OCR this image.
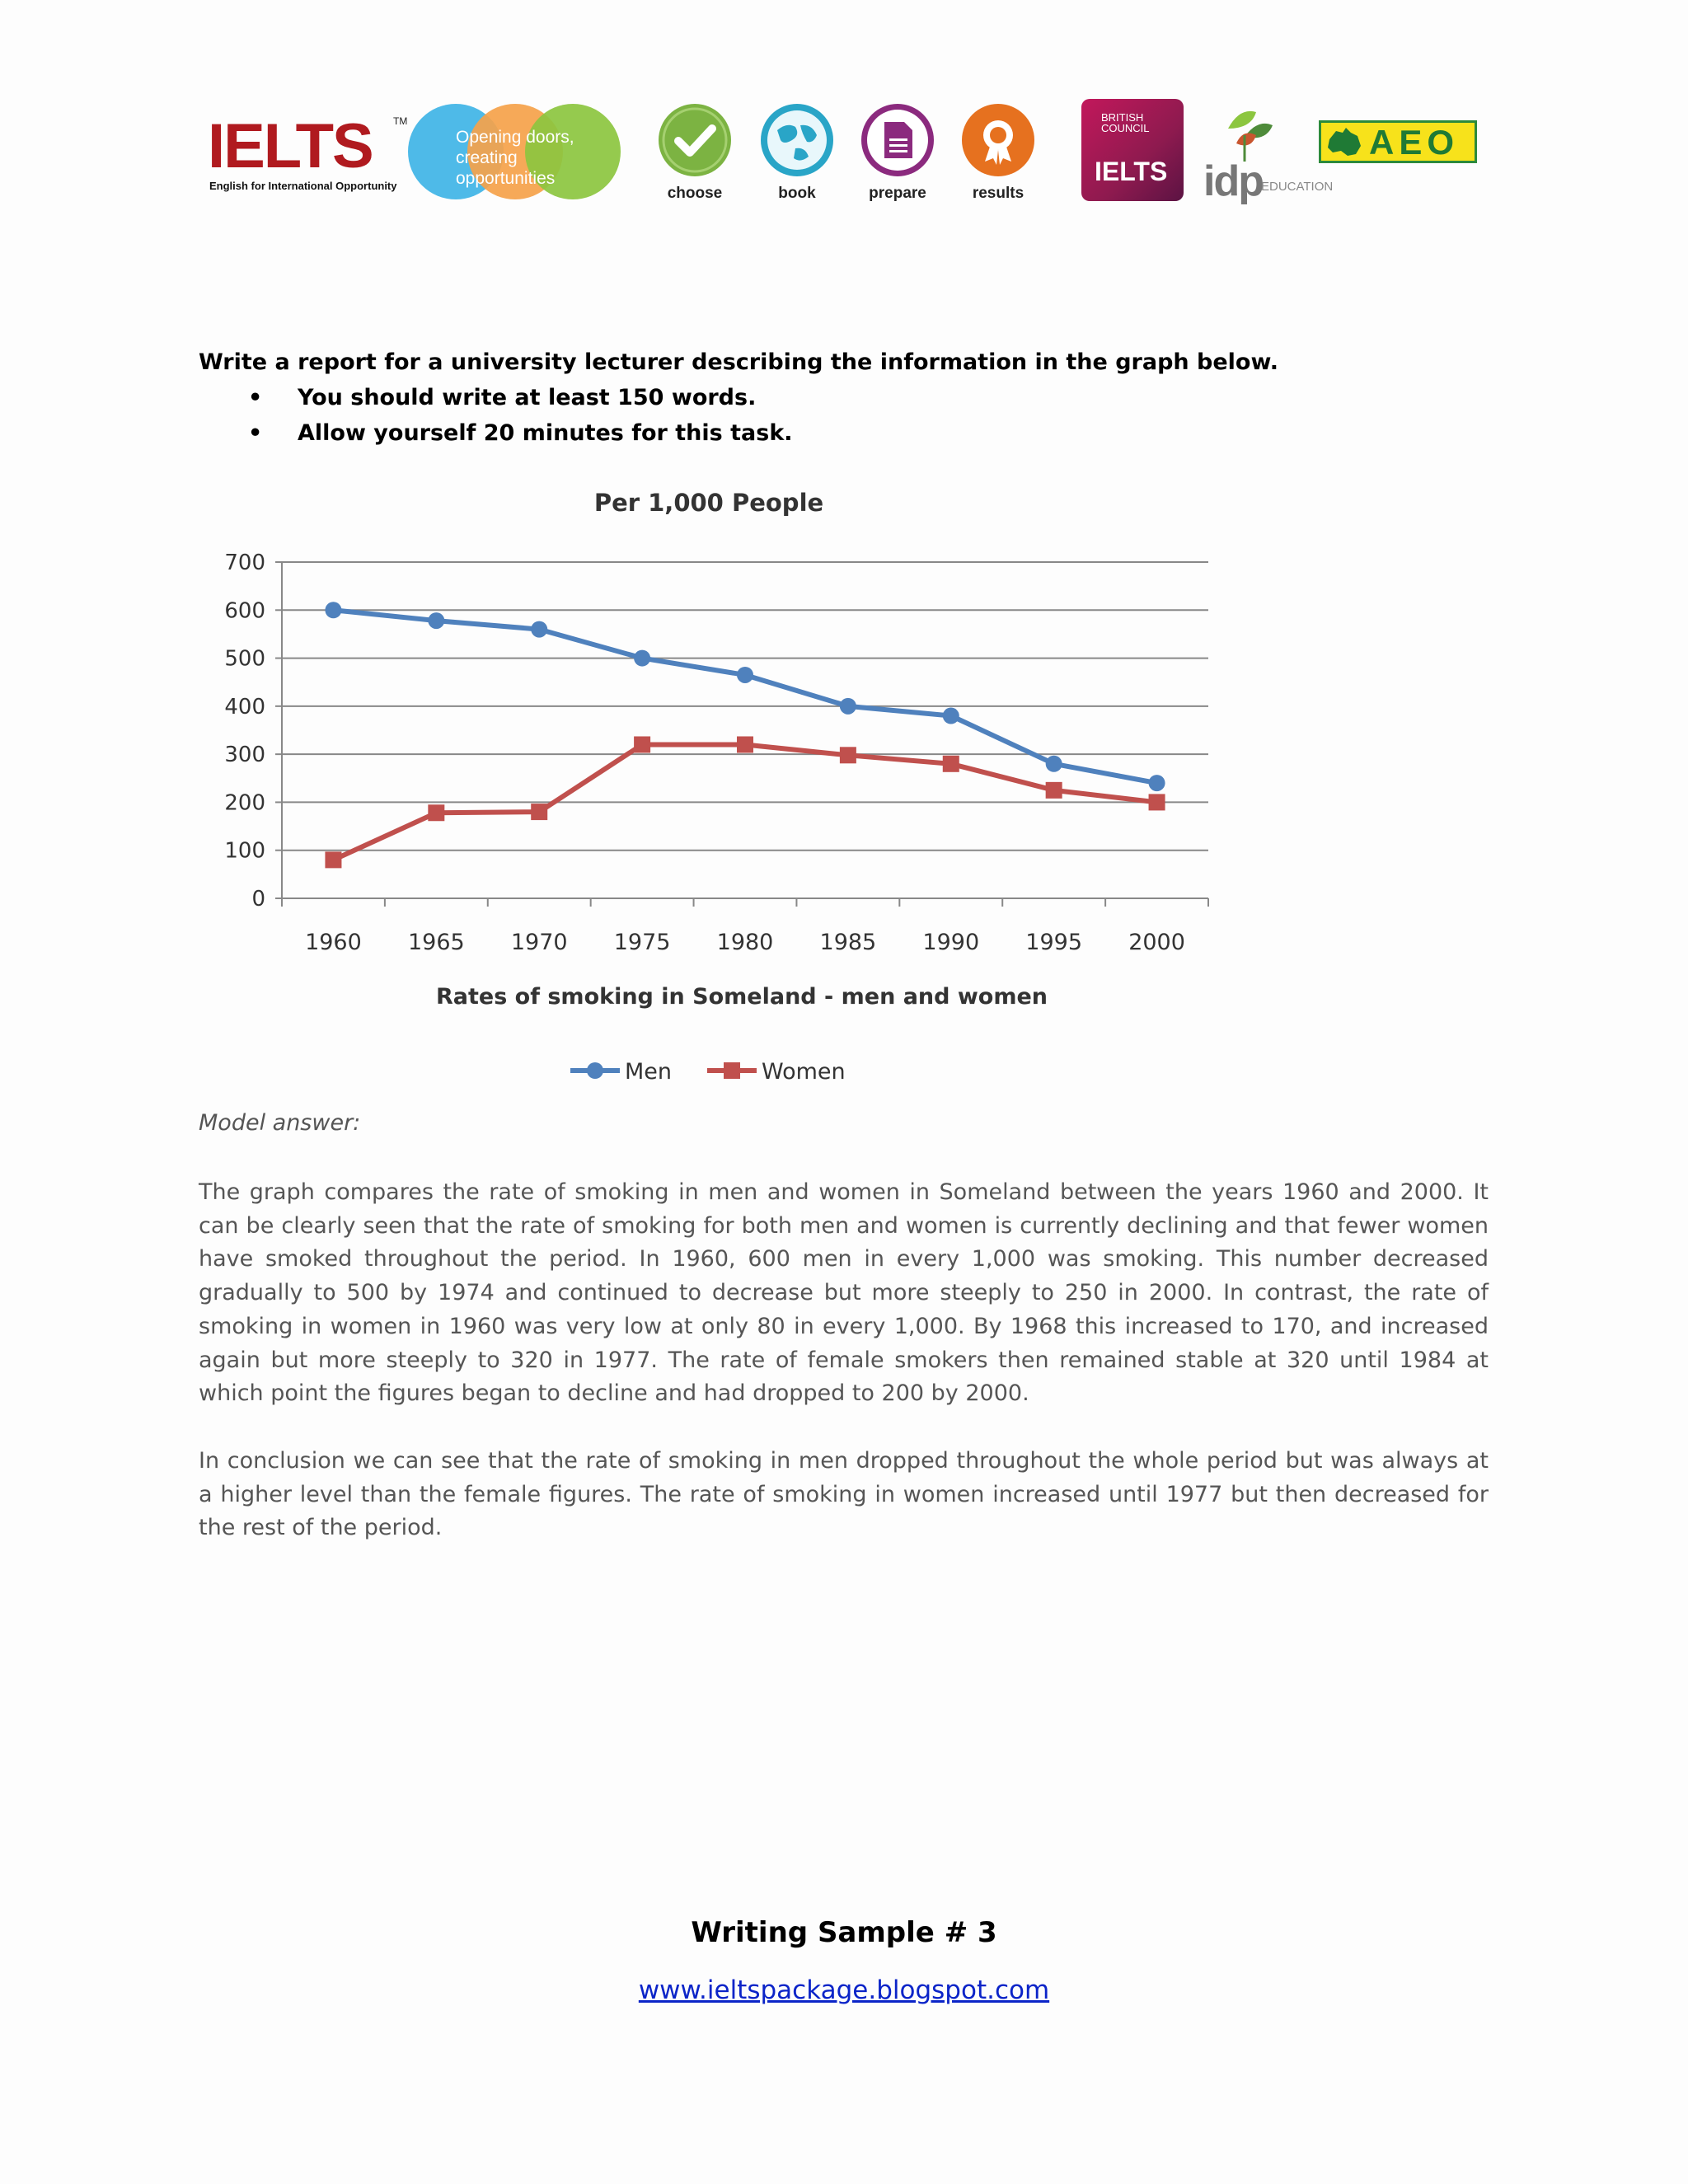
IELTS TM
English for International Opportunity
Opening doors, creating opportunities
choose	book	prepare	results
BRITISH COUNCIL
IELTS idp
EDUCATION
AEO
Write a report for a university lecturer describing the information in the graph below.
• You should write at least 150 words.
• Allow yourself 20 minutes for this task.
Per 1,000 People
0
100
200
300
400
500
600
700
1960 1965 1970 1975 1980 1985 1990 1995 2000
Rates of smoking in Someland - men and women
Men	Women
Model answer:

The graph compares the rate of smoking in men and women in Someland between the years 1960 and 2000. It can be clearly seen that the rate of smoking for both men and women is currently declining and that fewer women have smoked throughout the period. In 1960, 600 men in every 1,000 was smoking. This number decreased gradually to 500 by 1974 and continued to decrease but more steeply to 250 in 2000. In contrast, the rate of smoking in women in 1960 was very low at only 80 in every 1,000. By 1968 this increased to 170, and increased again but more steeply to 320 in 1977. The rate of female smokers then remained stable at 320 until 1984 at which point the figures began to decline and had dropped to 200 by 2000.

In conclusion we can see that the rate of smoking in men dropped throughout the whole period but was always at a higher level than the female figures. The rate of smoking in women increased until 1977 but then decreased for the rest of the period.

Writing Sample # 3
www.ieltspackage.blogspot.com
